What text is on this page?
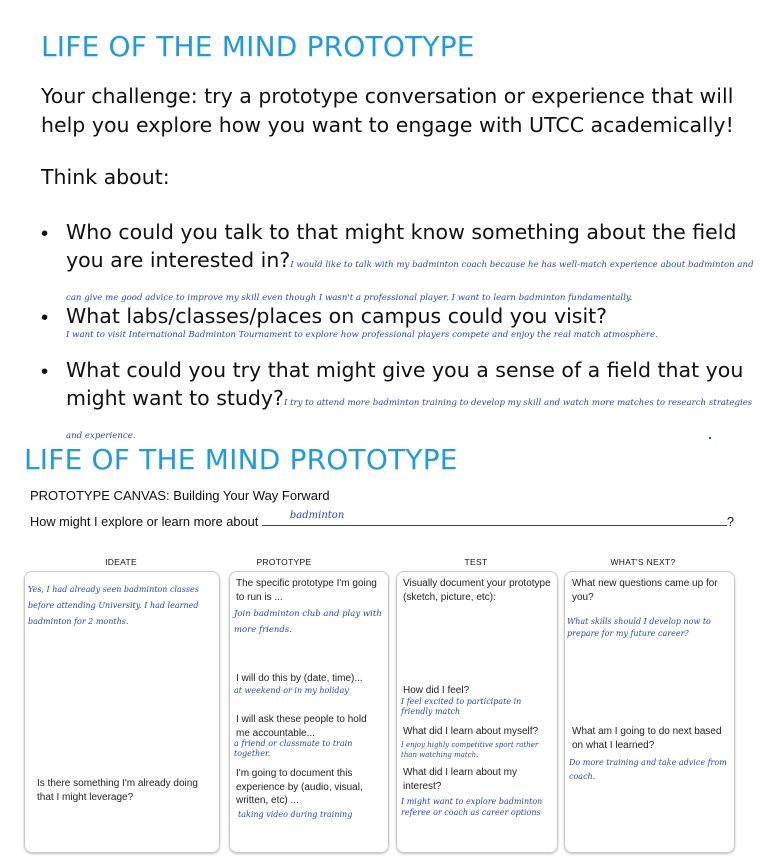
LIFE OF THE MIND PROTOTYPE
Your challenge: try a prototype conversation or experience that will help you explore how you want to engage with UTCC academically!
Think about:
• Who could you talk to that might know something about the field you are interested in?I would like to talk with my badminton coach because he has well-match experience about badminton and can give me good advice to improve my skill even though I wasn't a professional player, I want to learn badminton fundamentally.
• What labs/classes/places on campus could you visit?
I want to visit International Badminton Tournament to explore how professional players compete and enjoy the real match atmosphere.
• What could you try that might give you a sense of a field that you might want to study?I try to attend more badminton training to develop my skill and watch more matches to research strategies and experience.
LIFE OF THE MIND PROTOTYPE
PROTOTYPE CANVAS: Building Your Way Forward
How might I explore or learn more about	badminton	?
IDEATE	PROTOTYPE	TEST	WHAT'S NEXT?
Yes, I had already seen badminton classes before attending University. I had learned badminton for 2 months.
Is there something I'm already doing that I might leverage?
The specific prototype I'm going to run is ...
Join badminton club and play with more friends.
I will do this by (date, time)...
at weekend or in my holiday
I will ask these people to hold me accountable...
a friend or classmate to train together.
I'm going to document this experience by (audio, visual, written, etc) ...
taking video during training
Visually document your prototype (sketch, picture, etc):
How did I feel?
I feel excited to participate in friendly match
What did I learn about myself?
I enjoy highly competitive sport rather than watching match.
What did I learn about my interest?
I might want to explore badminton referee or coach as career options
What new questions came up for you?
What skills should I develop now to prepare for my future career?
What am I going to do next based on what I learned?
Do more training and take advice from coach.
